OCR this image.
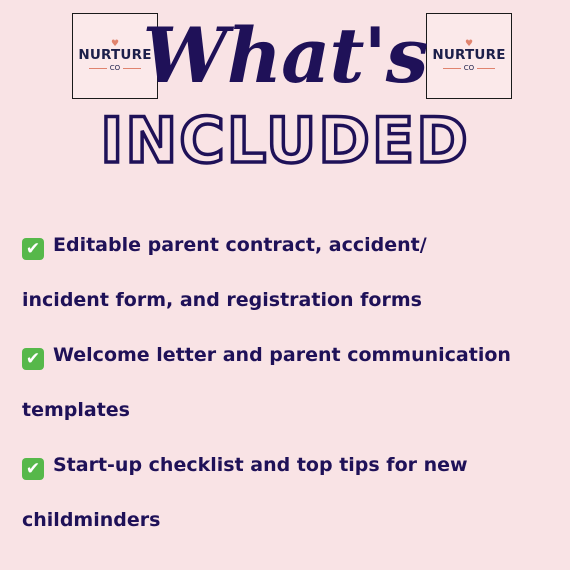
♥
NURTURE
CO
♥
NURTURE
CO
What's
INCLUDED

✔ Editable parent contract, accident/

incident form, and registration forms

✔ Welcome letter and parent communication

templates

✔ Start-up checklist and top tips for new

childminders
